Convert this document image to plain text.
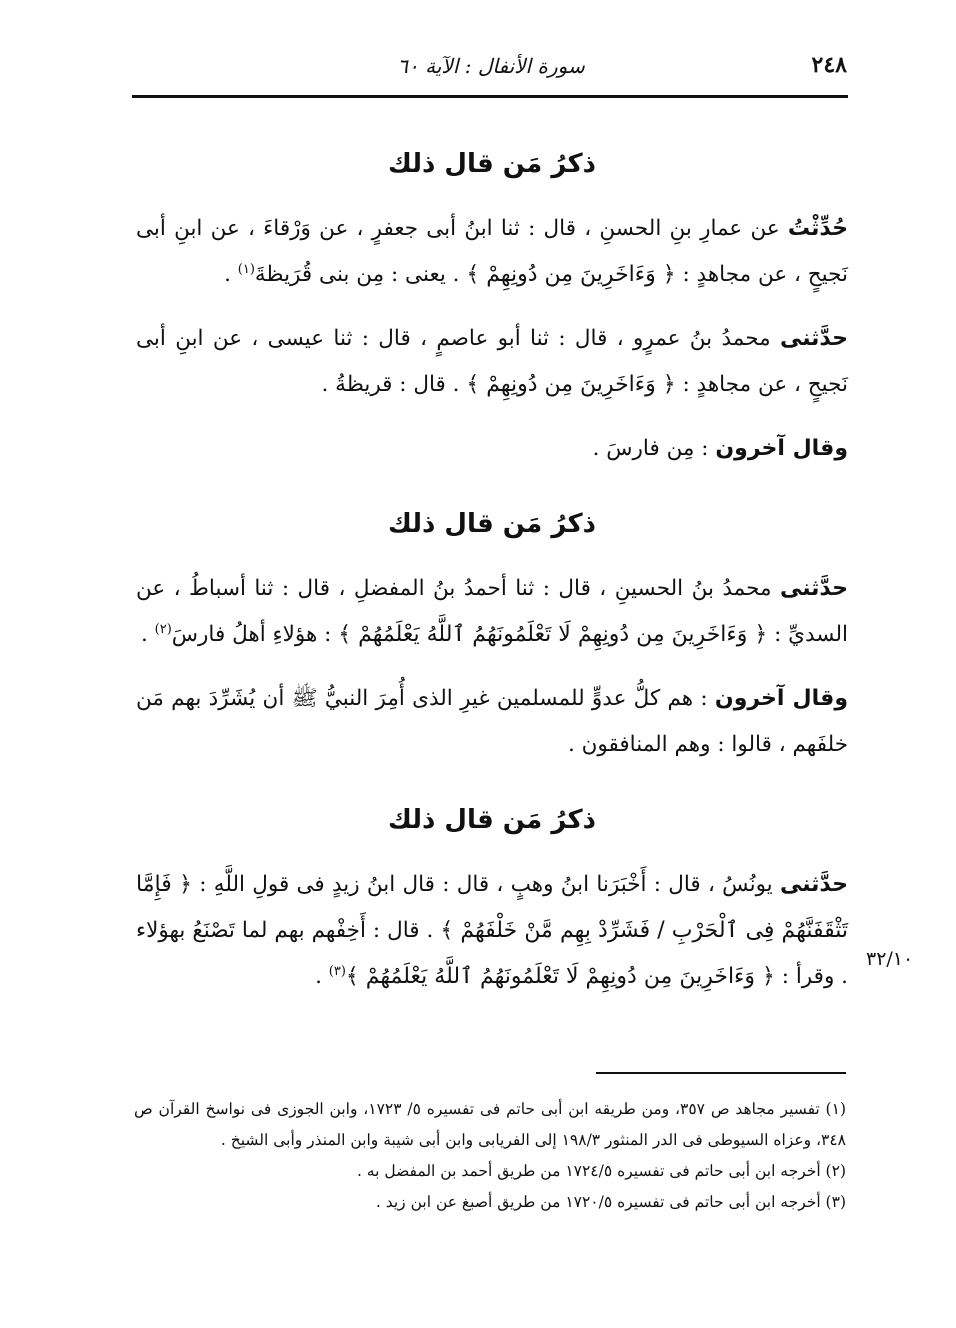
٢٤٨
سورة الأنفال : الآية ٦٠
ذكرُ مَن قال ذلك

حُدِّثْتُ عن عمارِ بنِ الحسنِ ، قال : ثنا ابنُ أبى جعفرٍ ، عن وَرْقاءَ ، عن ابنِ أبى نَجيحٍ ، عن مجاهدٍ : ﴿ وَءَاخَرِينَ مِن دُونِهِمْ ﴾ . يعنى : مِن بنى قُرَيظةَ$^{(١)}$ .

حدَّثنى محمدُ بنُ عمرٍو ، قال : ثنا أبو عاصمٍ ، قال : ثنا عيسى ، عن ابنِ أبى نَجيحٍ ، عن مجاهدٍ : ﴿ وَءَاخَرِينَ مِن دُونِهِمْ ﴾ . قال : قريظةُ .

وقال آخرون : مِن فارسَ .

ذكرُ مَن قال ذلك

حدَّثنى محمدُ بنُ الحسينِ ، قال : ثنا أحمدُ بنُ المفضلِ ، قال : ثنا أسباطُ ، عن السديِّ : ﴿ وَءَاخَرِينَ مِن دُونِهِمْ لَا تَعْلَمُونَهُمُ ٱللَّهُ يَعْلَمُهُمْ ﴾ : هؤلاءِ أهلُ فارسَ$^{(٢)}$ .

وقال آخرون : هم كلُّ عدوٍّ للمسلمين غيرِ الذى أُمِرَ النبيُّ ﷺ أن يُشَرِّدَ بهم مَن خلفَهم ، قالوا : وهم المنافقون .

ذكرُ مَن قال ذلك

حدَّثنى يونُسُ ، قال : أَخْبَرَنا ابنُ وهبٍ ، قال : قال ابنُ زيدٍ فى قولِ اللَّهِ : ﴿ فَإِمَّا تَثْقَفَنَّهُمْ فِى ٱلْحَرْبِ / فَشَرِّدْ بِهِم مَّنْ خَلْفَهُمْ ﴾ . قال : أَخِفْهم بهم لما تَصْنَعُ بهؤلاء . وقرأ : ﴿ وَءَاخَرِينَ مِن دُونِهِمْ لَا تَعْلَمُونَهُمُ ٱللَّهُ يَعْلَمُهُمْ ﴾$^{(٣)}$ .

٣٢/١٠

(١) تفسير مجاهد ص ٣٥٧، ومن طريقه ابن أبى حاتم فى تفسيره ٥/ ١٧٢٣، وابن الجوزى فى نواسخ القرآن ص ٣٤٨، وعزاه السيوطى فى الدر المنثور ١٩٨/٣ إلى الفريابى وابن أبى شيبة وابن المنذر وأبى الشيخ .

(٢) أخرجه ابن أبى حاتم فى تفسيره ١٧٢٤/٥ من طريق أحمد بن المفضل به .

(٣) أخرجه ابن أبى حاتم فى تفسيره ١٧٢٠/٥ من طريق أصبغ عن ابن زيد .
